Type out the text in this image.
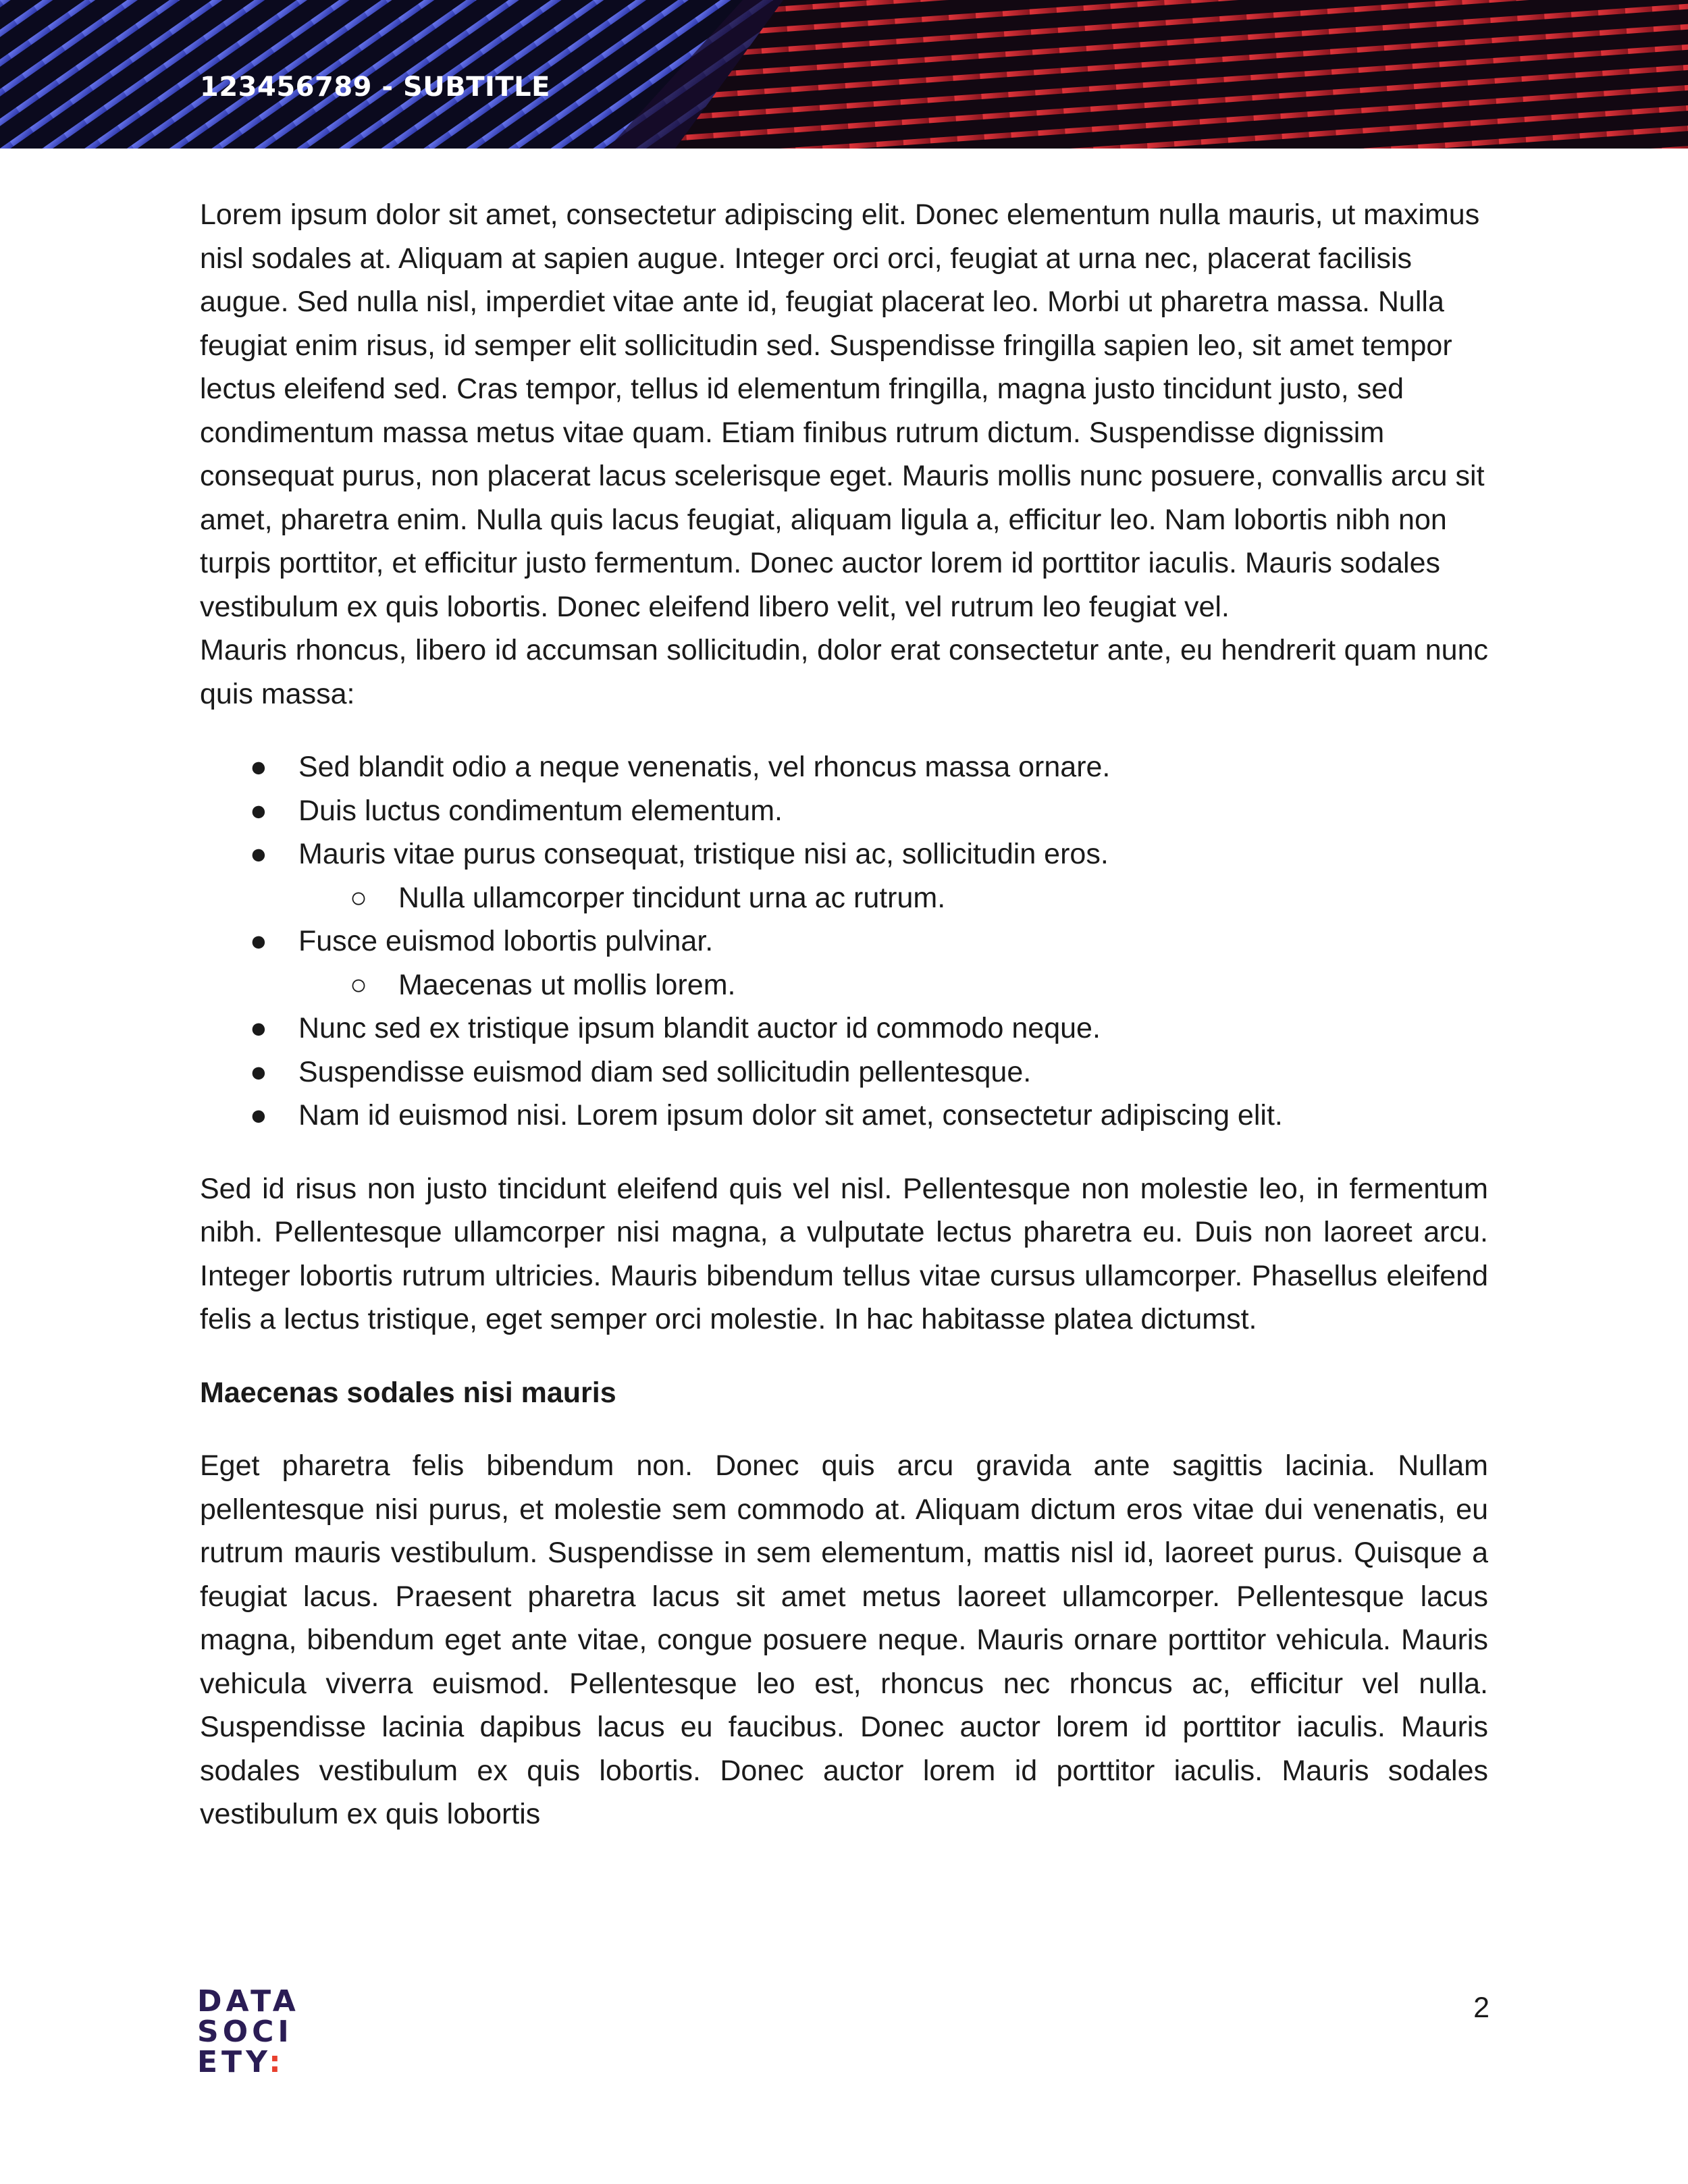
123456789 - SUBTITLE

Lorem ipsum dolor sit amet, consectetur adipiscing elit. Donec elementum nulla mauris, ut maximus nisl sodales at. Aliquam at sapien augue. Integer orci orci, feugiat at urna nec, placerat facilisis augue. Sed nulla nisl, imperdiet vitae ante id, feugiat placerat leo. Morbi ut pharetra massa. Nulla feugiat enim risus, id semper elit sollicitudin sed. Suspendisse fringilla sapien leo, sit amet tempor lectus eleifend sed. Cras tempor, tellus id elementum fringilla, magna justo tincidunt justo, sed condimentum massa metus vitae quam. Etiam finibus rutrum dictum. Suspendisse dignissim consequat purus, non placerat lacus scelerisque eget. Mauris mollis nunc posuere, convallis arcu sit amet, pharetra enim. Nulla quis lacus feugiat, aliquam ligula a, efficitur leo. Nam lobortis nibh non turpis porttitor, et efficitur justo fermentum. Donec auctor lorem id porttitor iaculis. Mauris sodales vestibulum ex quis lobortis. Donec eleifend libero velit, vel rutrum leo feugiat vel.

Mauris rhoncus, libero id accumsan sollicitudin, dolor erat consectetur ante, eu hendrerit quam nunc quis massa:

● Sed blandit odio a neque venenatis, vel rhoncus massa ornare.
● Duis luctus condimentum elementum.
● Mauris vitae purus consequat, tristique nisi ac, sollicitudin eros.
○ Nulla ullamcorper tincidunt urna ac rutrum.
● Fusce euismod lobortis pulvinar.
○ Maecenas ut mollis lorem.
● Nunc sed ex tristique ipsum blandit auctor id commodo neque.
● Suspendisse euismod diam sed sollicitudin pellentesque.
● Nam id euismod nisi. Lorem ipsum dolor sit amet, consectetur adipiscing elit.

Sed id risus non justo tincidunt eleifend quis vel nisl. Pellentesque non molestie leo, in fermentum nibh. Pellentesque ullamcorper nisi magna, a vulputate lectus pharetra eu. Duis non laoreet arcu. Integer lobortis rutrum ultricies. Mauris bibendum tellus vitae cursus ullamcorper. Phasellus eleifend felis a lectus tristique, eget semper orci molestie. In hac habitasse platea dictumst.

Maecenas sodales nisi mauris

Eget pharetra felis bibendum non. Donec quis arcu gravida ante sagittis lacinia. Nullam pellentesque nisi purus, et molestie sem commodo at. Aliquam dictum eros vitae dui venenatis, eu rutrum mauris vestibulum. Suspendisse in sem elementum, mattis nisl id, laoreet purus. Quisque a feugiat lacus. Praesent pharetra lacus sit amet metus laoreet ullamcorper. Pellentesque lacus magna, bibendum eget ante vitae, congue posuere neque. Mauris ornare porttitor vehicula. Mauris vehicula viverra euismod. Pellentesque leo est, rhoncus nec rhoncus ac, efficitur vel nulla. Suspendisse lacinia dapibus lacus eu faucibus. Donec auctor lorem id porttitor iaculis. Mauris sodales vestibulum ex quis lobortis. Donec auctor lorem id porttitor iaculis. Mauris sodales vestibulum ex quis lobortis

DATA
SOCI
ETY:
2
